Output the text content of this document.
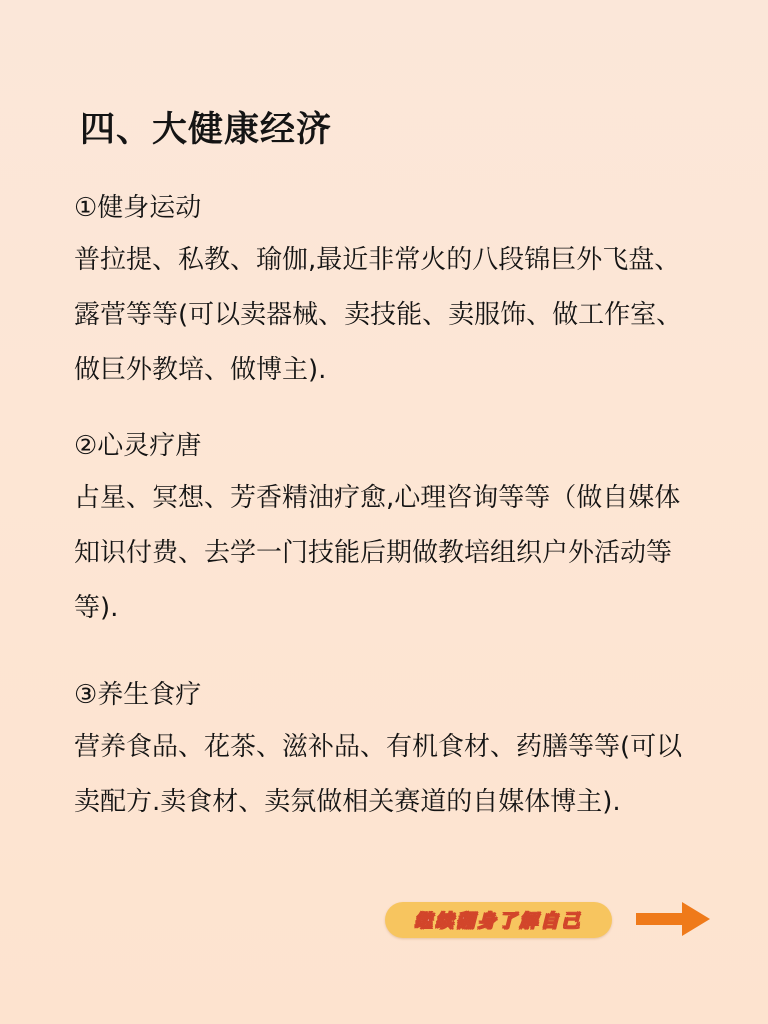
四、大健康经济

①健身运动

普拉提、私教、瑜伽,最近非常火的八段锦巨外飞盘、露菅等等(可以卖器械、卖技能、卖服饰、做工作室、做巨外教培、做博主).

②心灵疗唐

占星、冥想、芳香精油疗愈,心理咨询等等（做自媒体知识付费、去学一门技能后期做教培组织户外活动等等).

③养生食疗

营养食品、花茶、滋补品、有机食材、药膳等等(可以卖配方.卖食材、卖氛做相关赛道的自媒体博主).

继续翻身了解自己
